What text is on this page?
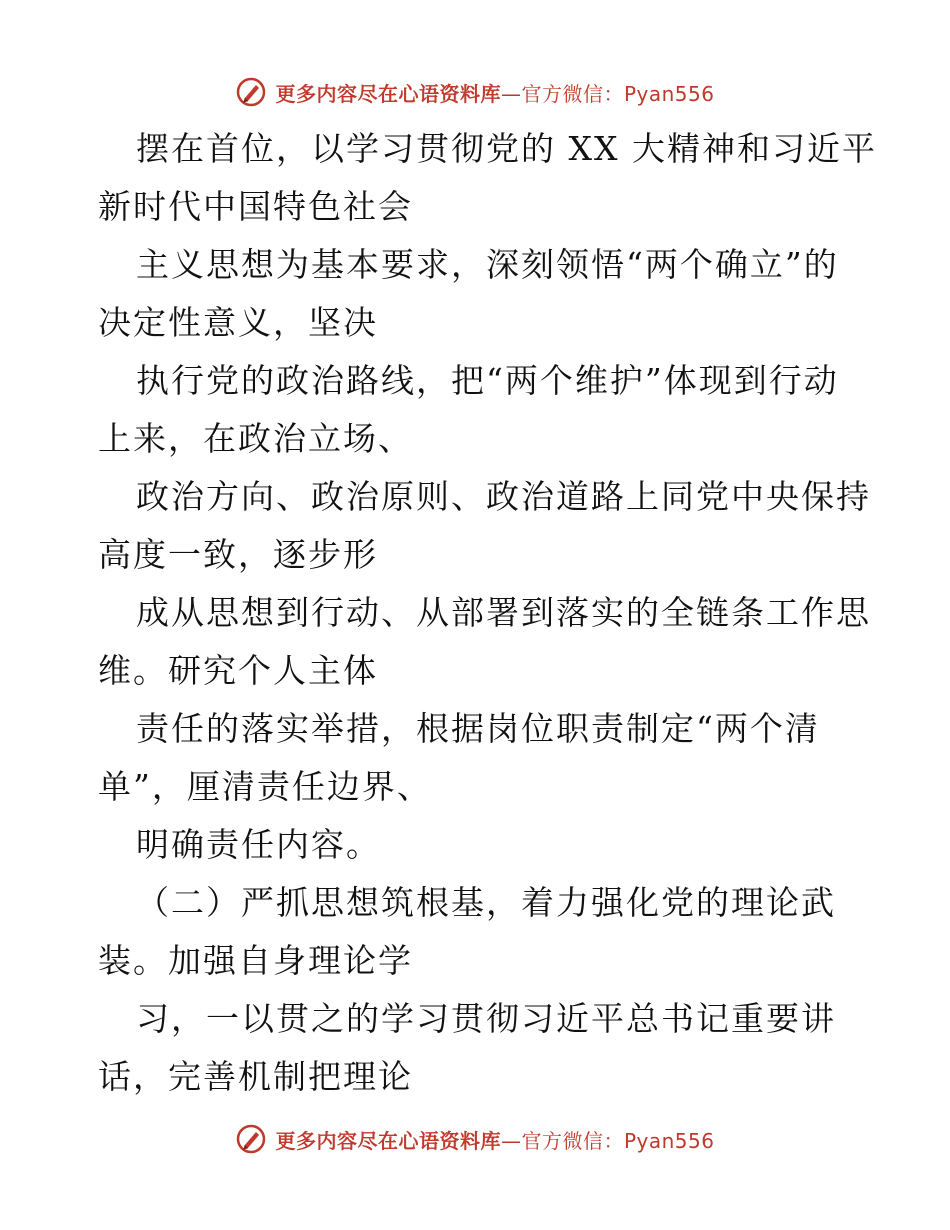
更多内容尽在心语资料库—官方微信：Pyan556
摆在首位，以学习贯彻党的 XX 大精神和习近平
新时代中国特色社会
主义思想为基本要求，深刻领悟“两个确立”的
决定性意义，坚决
执行党的政治路线，把“两个维护”体现到行动
上来，在政治立场、
政治方向、政治原则、政治道路上同党中央保持
高度一致，逐步形
成从思想到行动、从部署到落实的全链条工作思
维。研究个人主体
责任的落实举措，根据岗位职责制定“两个清
单”，厘清责任边界、
明确责任内容。
（二）严抓思想筑根基，着力强化党的理论武
装。加强自身理论学
习，一以贯之的学习贯彻习近平总书记重要讲
话，完善机制把理论
更多内容尽在心语资料库—官方微信：Pyan556
